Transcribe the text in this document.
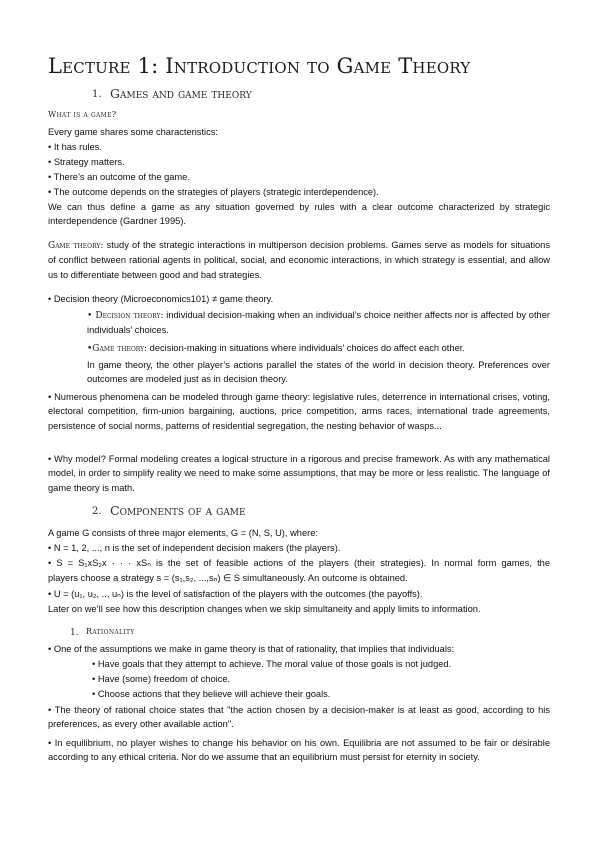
Lecture 1: Introduction to Game Theory
1. Games and game theory
What is a game?
Every game shares some characteristics:
• It has rules.
• Strategy matters.
• There’s an outcome of the game.
• The outcome depends on the strategies of players (strategic interdependence).
We can thus define a game as any situation governed by rules with a clear outcome characterized by strategic interdependence (Gardner 1995).
Game theory: study of the strategic interactions in multiperson decision problems. Games serve as models for situations of conflict between rational agents in political, social, and economic interactions, in which strategy is essential, and allow us to differentiate between good and bad strategies.
• Decision theory (Microeconomics101) ≠ game theory.
• Decision theory: individual decision-making when an individual’s choice neither affects nor is affected by other individuals’ choices.
•Game theory: decision-making in situations where individuals’ choices do affect each other.
In game theory, the other player’s actions parallel the states of the world in decision theory. Preferences over outcomes are modeled just as in decision theory.
• Numerous phenomena can be modeled through game theory: legislative rules, deterrence in international crises, voting, electoral competition, firm-union bargaining, auctions, price competition, arms races, international trade agreements, persistence of social norms, patterns of residential segregation, the nesting behavior of wasps...
• Why model? Formal modeling creates a logical structure in a rigorous and precise framework. As with any mathematical model, in order to simplify reality we need to make some assumptions, that may be more or less realistic. The language of game theory is math.
2. Components of a game
A game G consists of three major elements, G = (N, S, U), where:
• N = 1, 2, ..., n is the set of independent decision makers (the players).
• S = S₁xS₂x · · · xSₙ is the set of feasible actions of the players (their strategies). In normal form games, the
players choose a strategy s = (s₁,s₂, ...,sₙ) ∈ S simultaneously. An outcome is obtained.
• U = (u₁, u₂, .., uₙ) is the level of satisfaction of the players with the outcomes (the payoffs).
Later on we’ll see how this description changes when we skip simultaneity and apply limits to information.
1. Rationality
• One of the assumptions we make in game theory is that of rationality, that implies that individuals:
• Have goals that they attempt to achieve. The moral value of those goals is not judged.
• Have (some) freedom of choice.
• Choose actions that they believe will achieve their goals.
• The theory of rational choice states that "the action chosen by a decision-maker is at least as good, according to his preferences, as every other available action".
• In equilibrium, no player wishes to change his behavior on his own. Equilibria are not assumed to be fair or desirable according to any ethical criteria. Nor do we assume that an equilibrium must persist for eternity in society.
